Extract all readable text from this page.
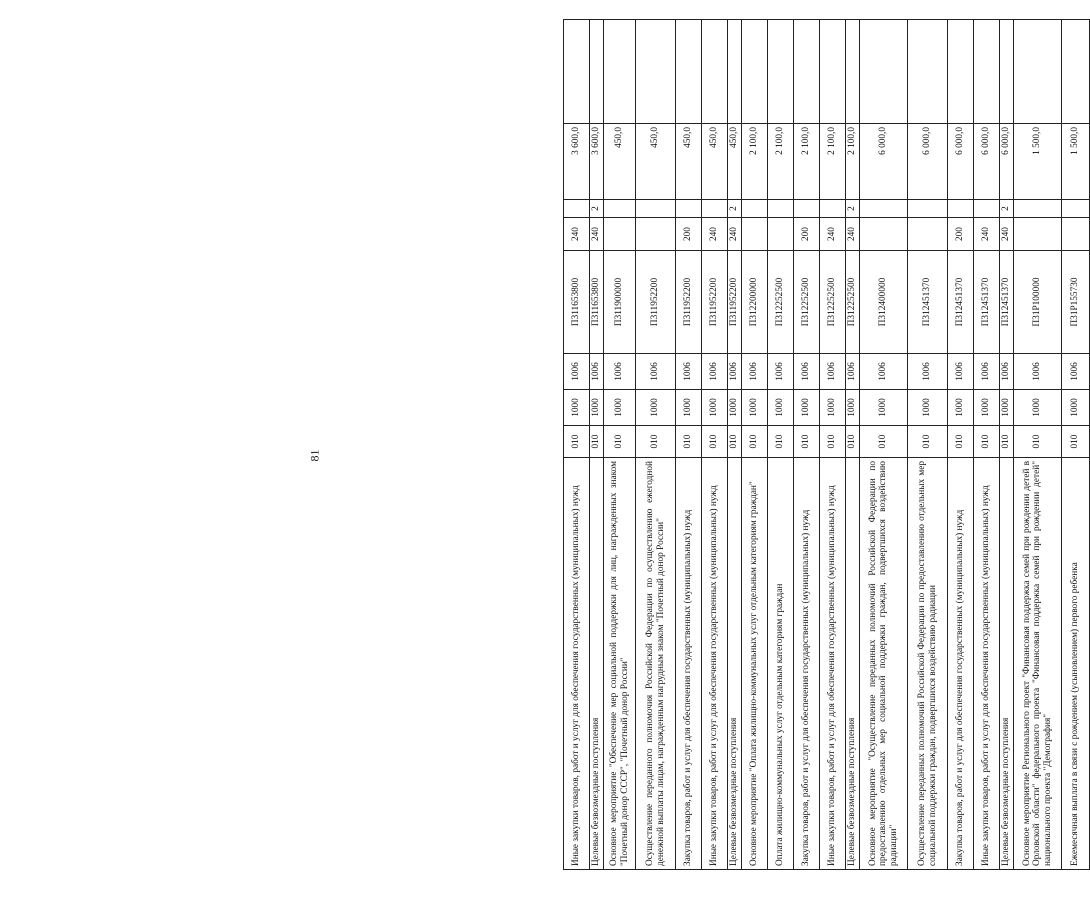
81
Иные закупки товаров, работ и услуг для обеспечения государственных (муниципальных) нужд	010	1000	1006	П311653800	240		3 600,0	
Целевые безвозмездные поступления	010	1000	1006	П311653800	240	2	3 600,0	
Основное мероприятие "Обеспечение мер социальной поддержки для лиц, награжденных знаком "Почетный донор СССР", "Почетный донор России"	010	1000	1006	П311900000			450,0	
Осуществление переданного полномочия Российской Федерации по осуществлению ежегодной денежной выплаты лицам, награжденным нагрудным знаком "Почетный донор России"	010	1000	1006	П311952200			450,0	
Закупка товаров, работ и услуг для обеспечения государственных (муниципальных) нужд	010	1000	1006	П311952200	200		450,0	
Иные закупки товаров, работ и услуг для обеспечения государственных (муниципальных) нужд	010	1000	1006	П311952200	240		450,0	
Целевые безвозмездные поступления	010	1000	1006	П311952200	240	2	450,0	
Основное мероприятие "Оплата жилищно-коммунальных услуг отдельным категориям граждан"	010	1000	1006	П312200000			2 100,0	
Оплата жилищно-коммунальных услуг отдельным категориям граждан	010	1000	1006	П312252500			2 100,0	
Закупка товаров, работ и услуг для обеспечения государственных (муниципальных) нужд	010	1000	1006	П312252500	200		2 100,0	
Иные закупки товаров, работ и услуг для обеспечения государственных (муниципальных) нужд	010	1000	1006	П312252500	240		2 100,0	
Целевые безвозмездные поступления	010	1000	1006	П312252500	240	2	2 100,0	
Основное мероприятие "Осуществление переданных полномочий Российской Федерации по предоставлению отдельных мер социальной поддержки граждан, подвергшихся воздействию радиации"	010	1000	1006	П312400000			6 000,0	
Осуществление переданных полномочий Российской Федерации по предоставлению отдельных мер социальной поддержки граждан, подвергшихся воздействию радиации	010	1000	1006	П312451370			6 000,0	
Закупка товаров, работ и услуг для обеспечения государственных (муниципальных) нужд	010	1000	1006	П312451370	200		6 000,0	
Иные закупки товаров, работ и услуг для обеспечения государственных (муниципальных) нужд	010	1000	1006	П312451370	240		6 000,0	
Целевые безвозмездные поступления	010	1000	1006	П312451370	240	2	6 000,0	
Основное мероприятие Регионального проект "Финансовая поддержка семей при рождении детей в Орловской области" федерального проекта "Финансовая поддержка семей при рождении детей" национального проекта "Демография"	010	1000	1006	П31Р100000			1 500,0	
Ежемесячная выплата в связи с рождением (усыновлением) первого ребенка	010	1000	1006	П31Р155730			1 500,0	
